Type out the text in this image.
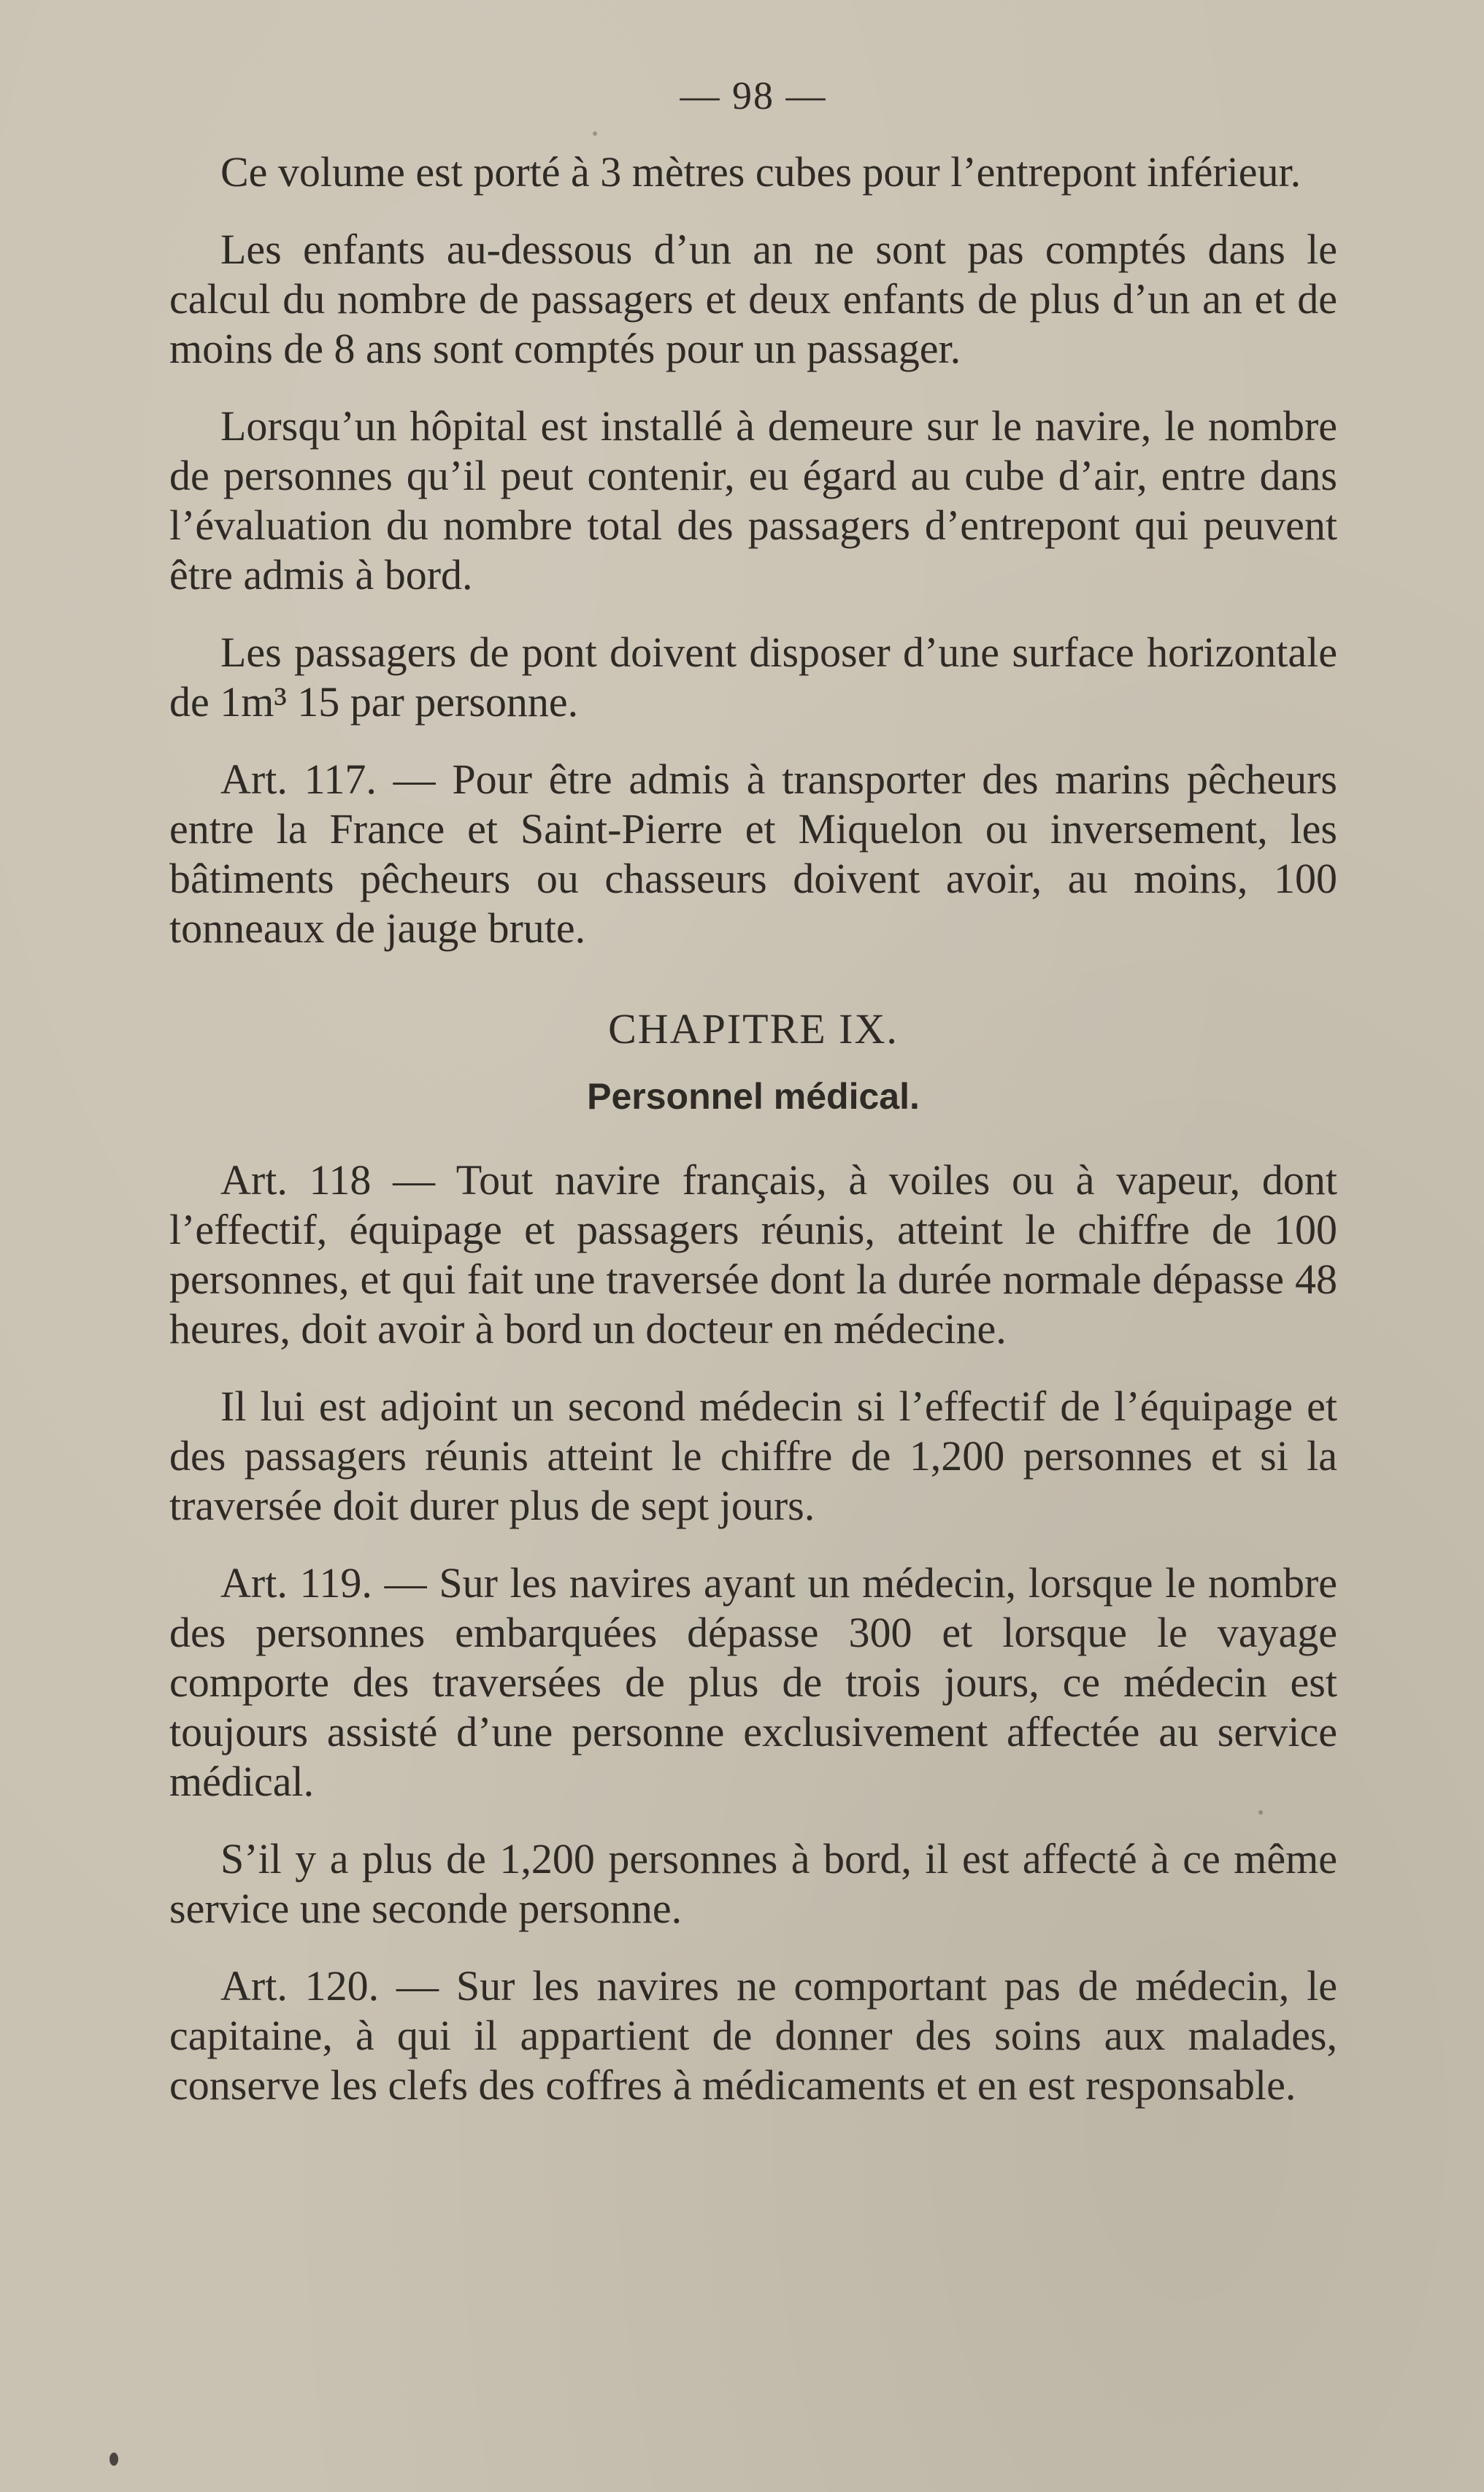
— 98 —

Ce volume est porté à 3 mètres cubes pour l’entrepont inférieur.

Les enfants au-dessous d’un an ne sont pas comptés dans le calcul du nombre de passagers et deux enfants de plus d’un an et de moins de 8 ans sont comptés pour un passager.

Lorsqu’un hôpital est installé à demeure sur le navire, le nombre de personnes qu’il peut contenir, eu égard au cube d’air, entre dans l’évaluation du nombre total des passagers d’entrepont qui peuvent être admis à bord.

Les passagers de pont doivent disposer d’une surface horizontale de 1m³ 15 par personne.

Art. 117. — Pour être admis à transporter des marins pêcheurs entre la France et Saint-Pierre et Miquelon ou inversement, les bâtiments pêcheurs ou chasseurs doivent avoir, au moins, 100 tonneaux de jauge brute.

CHAPITRE IX.
Personnel médical.

Art. 118 — Tout navire français, à voiles ou à vapeur, dont l’effectif, équipage et passagers réunis, atteint le chiffre de 100 personnes, et qui fait une traversée dont la durée normale dépasse 48 heures, doit avoir à bord un docteur en médecine.

Il lui est adjoint un second médecin si l’effectif de l’équipage et des passagers réunis atteint le chiffre de 1,200 personnes et si la traversée doit durer plus de sept jours.

Art. 119. — Sur les navires ayant un médecin, lorsque le nombre des personnes embarquées dépasse 300 et lorsque le vayage comporte des traversées de plus de trois jours, ce médecin est toujours assisté d’une personne exclusivement affectée au service médical.

S’il y a plus de 1,200 personnes à bord, il est affecté à ce même service une seconde personne.

Art. 120. — Sur les navires ne comportant pas de médecin, le capitaine, à qui il appartient de donner des soins aux malades, conserve les clefs des coffres à médicaments et en est responsable.
